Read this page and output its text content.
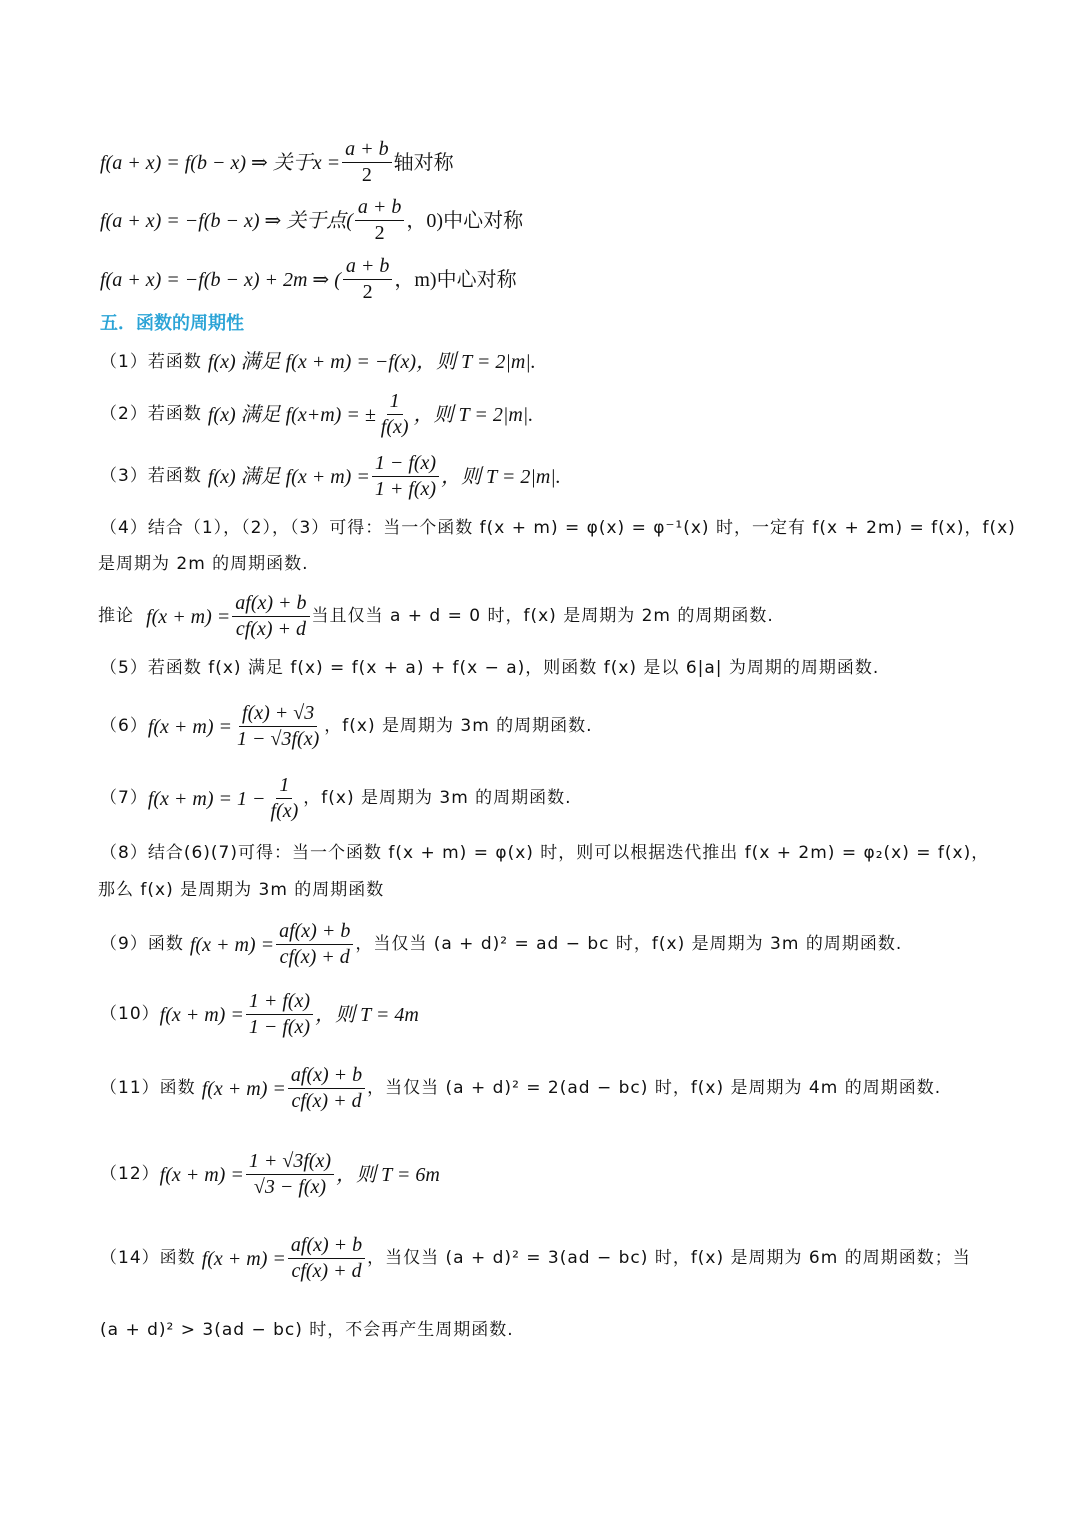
f(a + x) = f(b − x) ⇒ 关于$x = \frac{a + b}{2}$ 轴对称
f(a + x) = −f(b − x) ⇒ 关于点( $\frac{a + b}{2}$ ，0)中心对称
f(a + x) = −f(b − x) + 2m ⇒ ( $\frac{a + b}{2}$ ，m)中心对称
五．函数的周期性
（1）若函数
f(x) 满足 f(x + m) = −f(x)，则 T = 2|m|.
（2）若函数
f(x) 满足 f(x+m) = ± $\frac{1}{f(x)}$ ，则 T = 2|m|.
（3）若函数
f(x) 满足 $f(x + m) = \frac{1 - f(x)}{1 + f(x)}$ ，则 T = 2|m|.
（4）结合（1），（2），（3）可得：当一个函数 f(x + m) = φ(x) = φ⁻¹(x) 时，一定有 f(x + 2m) = f(x)，f(x)
是周期为 2m 的周期函数.
推论
$f(x + m) = \frac{af(x) + b}{cf(x) + d}$ 当且仅当 a + d = 0 时，f(x) 是周期为 2m 的周期函数.
（5）若函数 f(x) 满足 f(x) = f(x + a) + f(x − a)，则函数 f(x) 是以 6|a| 为周期的周期函数.
（6） $f(x + m) = \frac{f(x) + √3}{1 - √3f(x)}$ ，f(x) 是周期为 3m 的周期函数.
（7） $f(x + m) = 1 - \frac{1}{f(x)}$ ，f(x) 是周期为 3m 的周期函数.
（8）结合(6)(7)可得：当一个函数 f(x + m) = φ(x) 时，则可以根据迭代推出 f(x + 2m) = φ₂(x) = f(x)，
那么 f(x) 是周期为 3m 的周期函数
（9）函数
$f(x + m) = \frac{af(x) + b}{cf(x) + d}$ ，当仅当 (a + d)² = ad − bc 时，f(x) 是周期为 3m 的周期函数.
（10） $f(x + m) = \frac{1 + f(x)}{1 - f(x)}$ ，则 T = 4m
（11）函数
$f(x + m) = \frac{af(x) + b}{cf(x) + d}$ ，当仅当 (a + d)² = 2(ad − bc) 时，f(x) 是周期为 4m 的周期函数.
（12） $f(x + m) = \frac{1 + √3f(x)}{√3 - f(x)}$ ，则 T = 6m
（14）函数
$f(x + m) = \frac{af(x) + b}{cf(x) + d}$ ，当仅当 (a + d)² = 3(ad − bc) 时，f(x) 是周期为 6m 的周期函数；当
(a + d)² > 3(ad − bc) 时，不会再产生周期函数.
